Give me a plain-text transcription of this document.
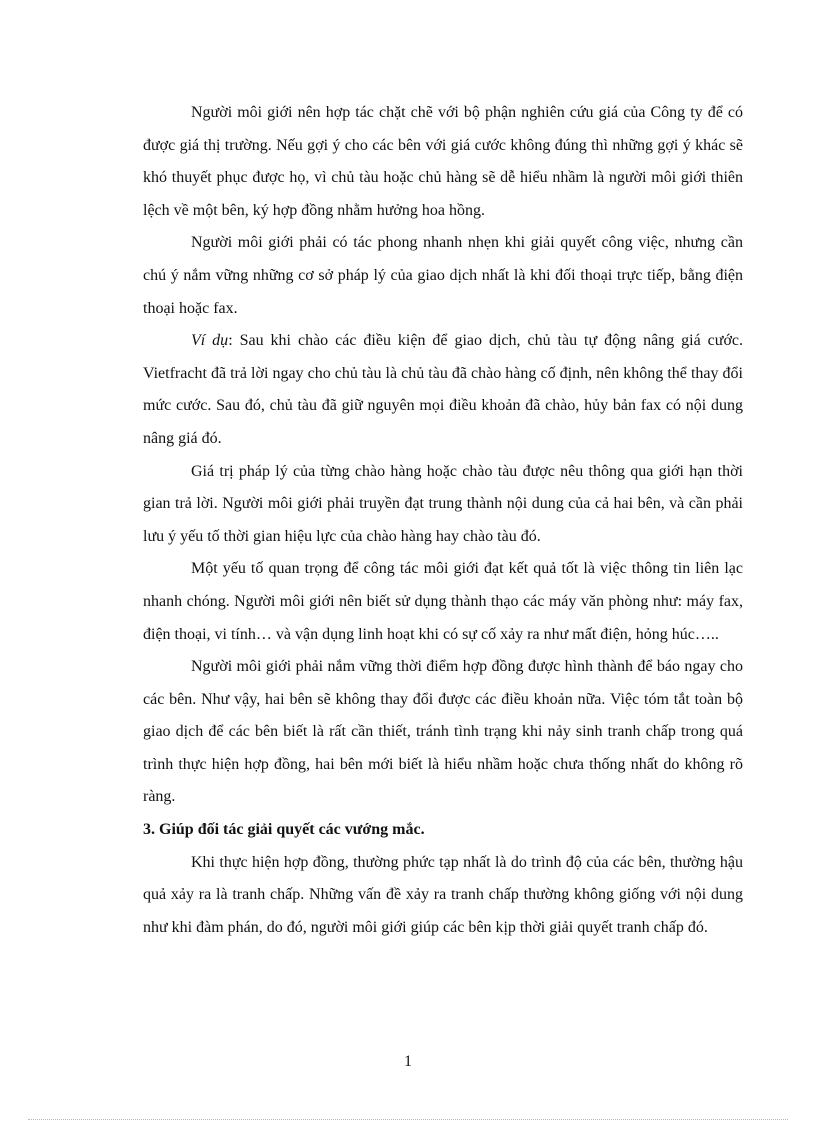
Người môi giới nên hợp tác chặt chẽ với bộ phận nghiên cứu giá của Công ty để có được giá thị trường. Nếu gợi ý cho các bên với giá cước không đúng thì những gợi ý khác sẽ khó thuyết phục được họ, vì chủ tàu hoặc chủ hàng sẽ dễ hiểu nhầm là người môi giới thiên lệch về một bên, ký hợp đồng nhằm hưởng hoa hồng.

Người môi giới phải có tác phong nhanh nhẹn khi giải quyết công việc, nhưng cần chú ý nắm vững những cơ sở pháp lý của giao dịch nhất là khi đối thoại trực tiếp, bằng điện thoại hoặc fax.

Ví dụ: Sau khi chào các điều kiện để giao dịch, chủ tàu tự động nâng giá cước. Vietfracht đã trả lời ngay cho chủ tàu là chủ tàu đã chào hàng cố định, nên không thể thay đổi mức cước. Sau đó, chủ tàu đã giữ nguyên mọi điều khoản đã chào, hủy bản fax có nội dung nâng giá đó.

Giá trị pháp lý của từng chào hàng hoặc chào tàu được nêu thông qua giới hạn thời gian trả lời. Người môi giới phải truyền đạt trung thành nội dung của cả hai bên, và cần phải lưu ý yếu tố thời gian hiệu lực của chào hàng hay chào tàu đó.

Một yếu tố quan trọng để công tác môi giới đạt kết quả tốt là việc thông tin liên lạc nhanh chóng. Người môi giới nên biết sử dụng thành thạo các máy văn phòng như: máy fax, điện thoại, vi tính… và vận dụng linh hoạt khi có sự cố xảy ra như mất điện, hỏng húc…..

Người môi giới phải nắm vững thời điểm hợp đồng được hình thành để báo ngay cho các bên. Như vậy, hai bên sẽ không thay đổi được các điều khoản nữa. Việc tóm tắt toàn bộ giao dịch để các bên biết là rất cần thiết, tránh tình trạng khi nảy sinh tranh chấp trong quá trình thực hiện hợp đồng, hai bên mới biết là hiểu nhầm hoặc chưa thống nhất do không rõ ràng.

3. Giúp đối tác giải quyết các vướng mắc.

Khi thực hiện hợp đồng, thường phức tạp nhất là do trình độ của các bên, thường hậu quả xảy ra là tranh chấp. Những vấn đề xảy ra tranh chấp thường không giống với nội dung như khi đàm phán, do đó, người môi giới giúp các bên kịp thời giải quyết tranh chấp đó.

1
